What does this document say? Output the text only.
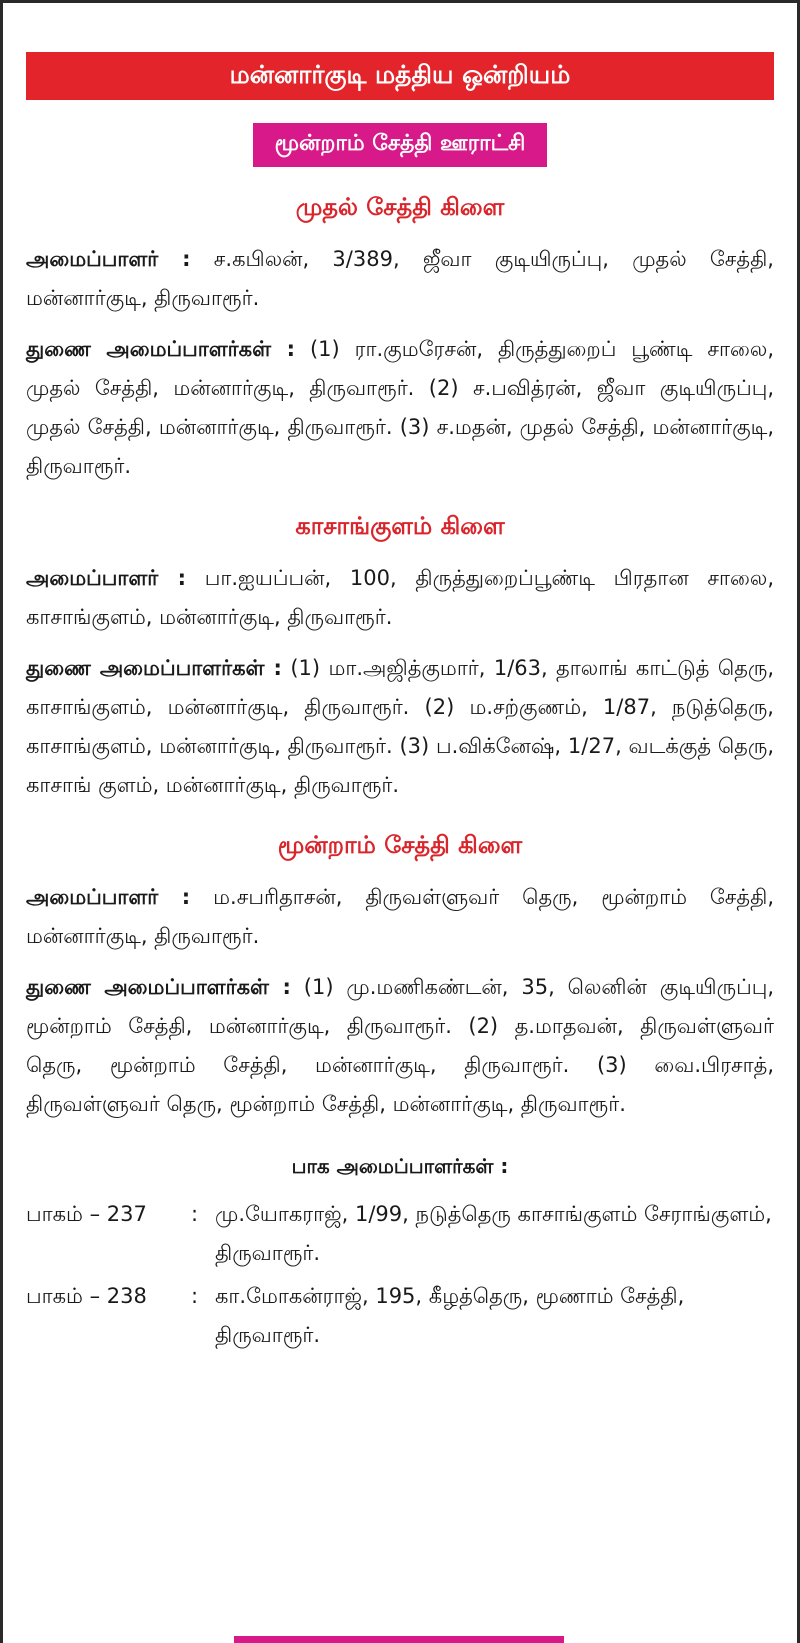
மன்னார்குடி மத்திய ஒன்றியம்
மூன்றாம் சேத்தி ஊராட்சி
முதல் சேத்தி கிளை

அமைப்பாளர் : ச.கபிலன், 3/389, ஜீவா குடியிருப்பு, முதல் சேத்தி, மன்னார்குடி, திருவாரூர்.

துணை அமைப்பாளர்கள் : (1) ரா.குமரேசன், திருத்துறைப் பூண்டி சாலை, முதல் சேத்தி, மன்னார்குடி, திருவாரூர். (2) ச.பவித்ரன், ஜீவா குடியிருப்பு, முதல் சேத்தி, மன்னார்குடி, திருவாரூர். (3) ச.மதன், முதல் சேத்தி, மன்னார்குடி, திருவாரூர்.

காசாங்குளம் கிளை

அமைப்பாளர் : பா.ஐயப்பன், 100, திருத்துறைப்பூண்டி பிரதான சாலை, காசாங்குளம், மன்னார்குடி, திருவாரூர்.

துணை அமைப்பாளர்கள் : (1) மா.அஜித்குமார், 1/63, தாலாங் காட்டுத் தெரு, காசாங்குளம், மன்னார்குடி, திருவாரூர். (2) ம.சற்குணம், 1/87, நடுத்தெரு, காசாங்குளம், மன்னார்குடி, திருவாரூர். (3) ப.விக்னேஷ், 1/27, வடக்குத் தெரு, காசாங் குளம், மன்னார்குடி, திருவாரூர்.

மூன்றாம் சேத்தி கிளை

அமைப்பாளர் : ம.சபரிதாசன், திருவள்ளுவர் தெரு, மூன்றாம் சேத்தி, மன்னார்குடி, திருவாரூர்.

துணை அமைப்பாளர்கள் : (1) மு.மணிகண்டன், 35, லெனின் குடியிருப்பு, மூன்றாம் சேத்தி, மன்னார்குடி, திருவாரூர். (2) த.மாதவன், திருவள்ளுவர் தெரு, மூன்றாம் சேத்தி, மன்னார்குடி, திருவாரூர். (3) வை.பிரசாத், திருவள்ளுவர் தெரு, மூன்றாம் சேத்தி, மன்னார்குடி, திருவாரூர்.

பாக அமைப்பாளர்கள் :
பாகம் – 237	: மு.யோகராஜ், 1/99, நடுத்தெரு காசாங்குளம் சேராங்குளம், திருவாரூர்.
பாகம் – 238	: கா.மோகன்ராஜ், 195, கீழத்தெரு, மூணாம் சேத்தி, திருவாரூர்.
